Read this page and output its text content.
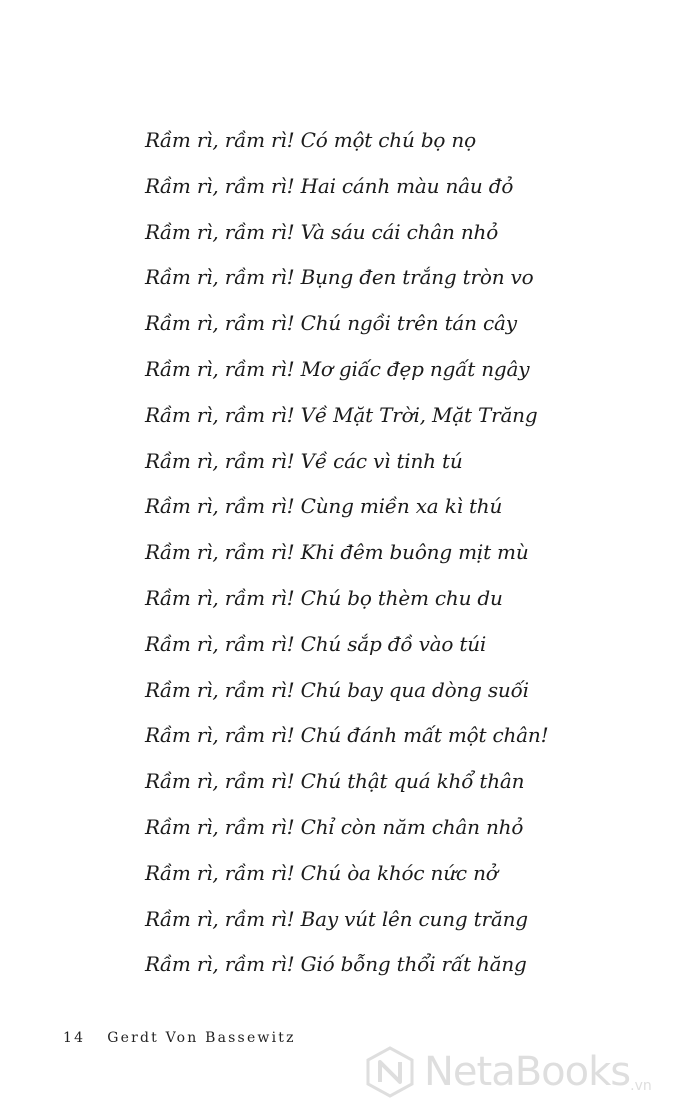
Rầm rì, rầm rì! Có một chú bọ nọ
Rầm rì, rầm rì! Hai cánh màu nâu đỏ
Rầm rì, rầm rì! Và sáu cái chân nhỏ
Rầm rì, rầm rì! Bụng đen trắng tròn vo
Rầm rì, rầm rì! Chú ngồi trên tán cây
Rầm rì, rầm rì! Mơ giấc đẹp ngất ngây
Rầm rì, rầm rì! Về Mặt Trời, Mặt Trăng
Rầm rì, rầm rì! Về các vì tinh tú
Rầm rì, rầm rì! Cùng miền xa kì thú
Rầm rì, rầm rì! Khi đêm buông mịt mù
Rầm rì, rầm rì! Chú bọ thèm chu du
Rầm rì, rầm rì! Chú sắp đồ vào túi
Rầm rì, rầm rì! Chú bay qua dòng suối
Rầm rì, rầm rì! Chú đánh mất một chân!
Rầm rì, rầm rì! Chú thật quá khổ thân
Rầm rì, rầm rì! Chỉ còn năm chân nhỏ
Rầm rì, rầm rì! Chú òa khóc nức nở
Rầm rì, rầm rì! Bay vút lên cung trăng
Rầm rì, rầm rì! Gió bỗng thổi rất hăng
14 Gerdt Von Bassewitz
NetaBooks .vn
